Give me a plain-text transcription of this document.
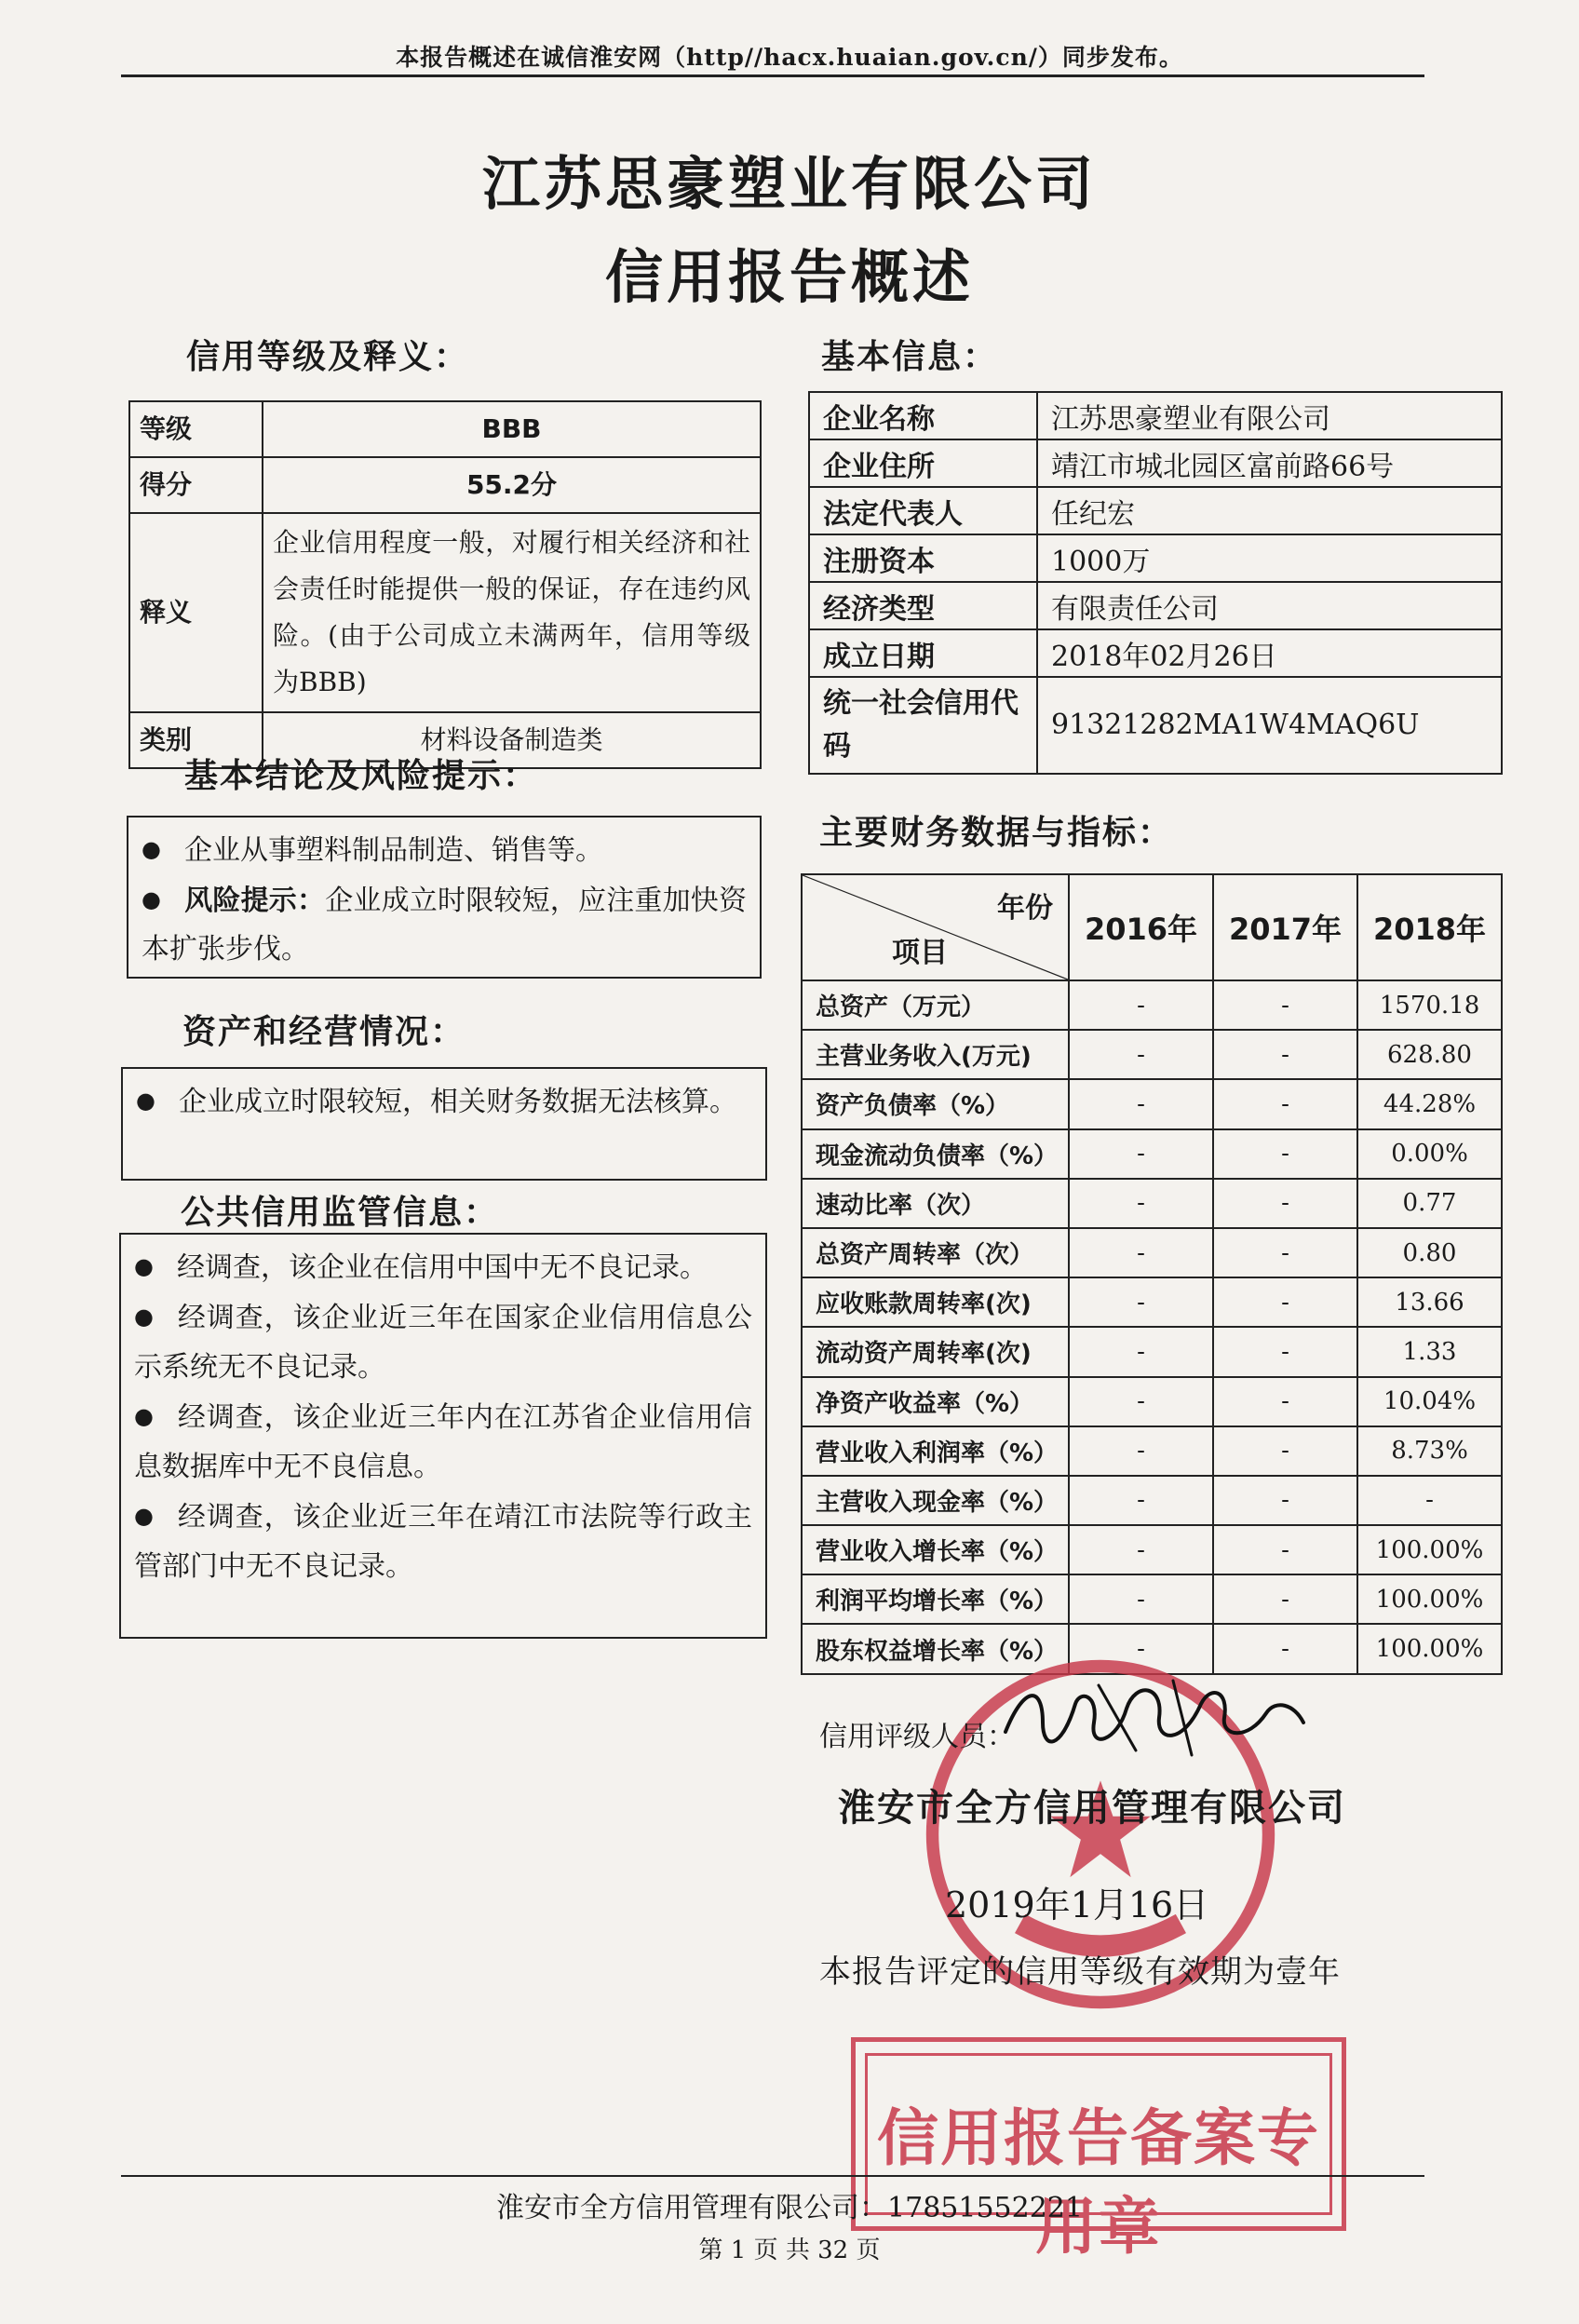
本报告概述在诚信淮安网（http//hacx.huaian.gov.cn/）同步发布。
江苏思豪塑业有限公司
信用报告概述
信用等级及释义：
等级	BBB
得分	55.2分
释义	企业信用程度一般，对履行相关经济和社会责任时能提供一般的保证，存在违约风险。(由于公司成立未满两年，信用等级为BBB)
类别	材料设备制造类
基本结论及风险提示：

● 企业从事塑料制品制造、销售等。

● 风险提示：企业成立时限较短，应注重加快资本扩张步伐。

资产和经营情况：

● 企业成立时限较短，相关财务数据无法核算。

公共信用监管信息：

● 经调查，该企业在信用中国中无不良记录。

● 经调查，该企业近三年在国家企业信用信息公示系统无不良记录。

● 经调查，该企业近三年内在江苏省企业信用信息数据库中无不良信息。

● 经调查，该企业近三年在靖江市法院等行政主管部门中无不良记录。

基本信息：
企业名称	江苏思豪塑业有限公司
企业住所	靖江市城北园区富前路66号
法定代表人	任纪宏
注册资本	1000万
经济类型	有限责任公司
成立日期	2018年02月26日
统一社会信用代码	91321282MA1W4MAQ6U
主要财务数据与指标：
年份
项目	2016年	2017年	2018年
总资产（万元）	-	-	1570.18
主营业务收入(万元)	-	-	628.80
资产负债率（%）	-	-	44.28%
现金流动负债率（%）	-	-	0.00%
速动比率（次）	-	-	0.77
总资产周转率（次）	-	-	0.80
应收账款周转率(次)	-	-	13.66
流动资产周转率(次)	-	-	1.33
净资产收益率（%）	-	-	10.04%
营业收入利润率（%）	-	-	8.73%
主营收入现金率（%）	-	-	-
营业收入增长率（%）	-	-	100.00%
利润平均增长率（%）	-	-	100.00%
股东权益增长率（%）	-	-	100.00%
信用评级人员：
淮安市全方信用管理有限公司
2019年1月16日
本报告评定的信用等级有效期为壹年
信用报告备案专用章
淮安市全方信用管理有限公司：17851552221
第 1 页 共 32 页
